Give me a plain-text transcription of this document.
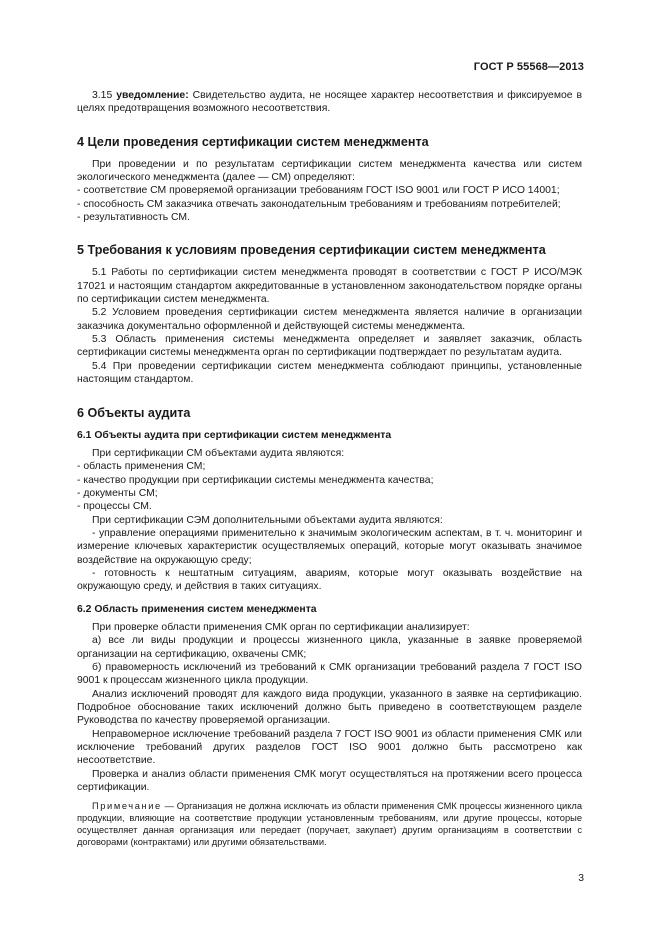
ГОСТ Р 55568—2013

3.15 уведомление: Свидетельство аудита, не носящее характер несоответствия и фиксируемое в целях предотвращения возможного несоответствия.

4 Цели проведения сертификации систем менеджмента

При проведении и по результатам сертификации систем менеджмента качества или систем экологического менеджмента (далее — СМ) определяют:

- соответствие СМ проверяемой организации требованиям ГОСТ ISO 9001 или ГОСТ Р ИСО 14001;

- способность СМ заказчика отвечать законодательным требованиям и требованиям потребителей;

- результативность СМ.

5 Требования к условиям проведения сертификации систем менеджмента

5.1 Работы по сертификации систем менеджмента проводят в соответствии с ГОСТ Р ИСО/МЭК 17021 и настоящим стандартом аккредитованные в установленном законодательством порядке органы по сертификации систем менеджмента.

5.2 Условием проведения сертификации систем менеджмента является наличие в организации заказчика документально оформленной и действующей системы менеджмента.

5.3 Область применения системы менеджмента определяет и заявляет заказчик, область сертификации системы менеджмента орган по сертификации подтверждает по результатам аудита.

5.4 При проведении сертификации систем менеджмента соблюдают принципы, установленные настоящим стандартом.

6 Объекты аудита

6.1 Объекты аудита при сертификации систем менеджмента

При сертификации СМ объектами аудита являются:

- область применения СМ;

- качество продукции при сертификации системы менеджмента качества;

- документы СМ;

- процессы СМ.

При сертификации СЭМ дополнительными объектами аудита являются:

- управление операциями применительно к значимым экологическим аспектам, в т. ч. мониторинг и измерение ключевых характеристик осуществляемых операций, которые могут оказывать значимое воздействие на окружающую среду;

- готовность к нештатным ситуациям, авариям, которые могут оказывать воздействие на окружающую среду, и действия в таких ситуациях.

6.2 Область применения систем менеджмента

При проверке области применения СМК орган по сертификации анализирует:

а) все ли виды продукции и процессы жизненного цикла, указанные в заявке проверяемой организации на сертификацию, охвачены СМК;

б) правомерность исключений из требований к СМК организации требований раздела 7 ГОСТ ISO 9001 к процессам жизненного цикла продукции.

Анализ исключений проводят для каждого вида продукции, указанного в заявке на сертификацию. Подробное обоснование таких исключений должно быть приведено в соответствующем разделе Руководства по качеству проверяемой организации.

Неправомерное исключение требований раздела 7 ГОСТ ISO 9001 из области применения СМК или исключение требований других разделов ГОСТ ISO 9001 должно быть рассмотрено как несоответствие.

Проверка и анализ области применения СМК могут осуществляться на протяжении всего процесса сертификации.

Примечание — Организация не должна исключать из области применения СМК процессы жизненного цикла продукции, влияющие на соответствие продукции установленным требованиям, или другие процессы, которые осуществляет данная организация или передает (поручает, закупает) другим организациям в соответствии с договорами (контрактами) или другими обязательствами.

3
